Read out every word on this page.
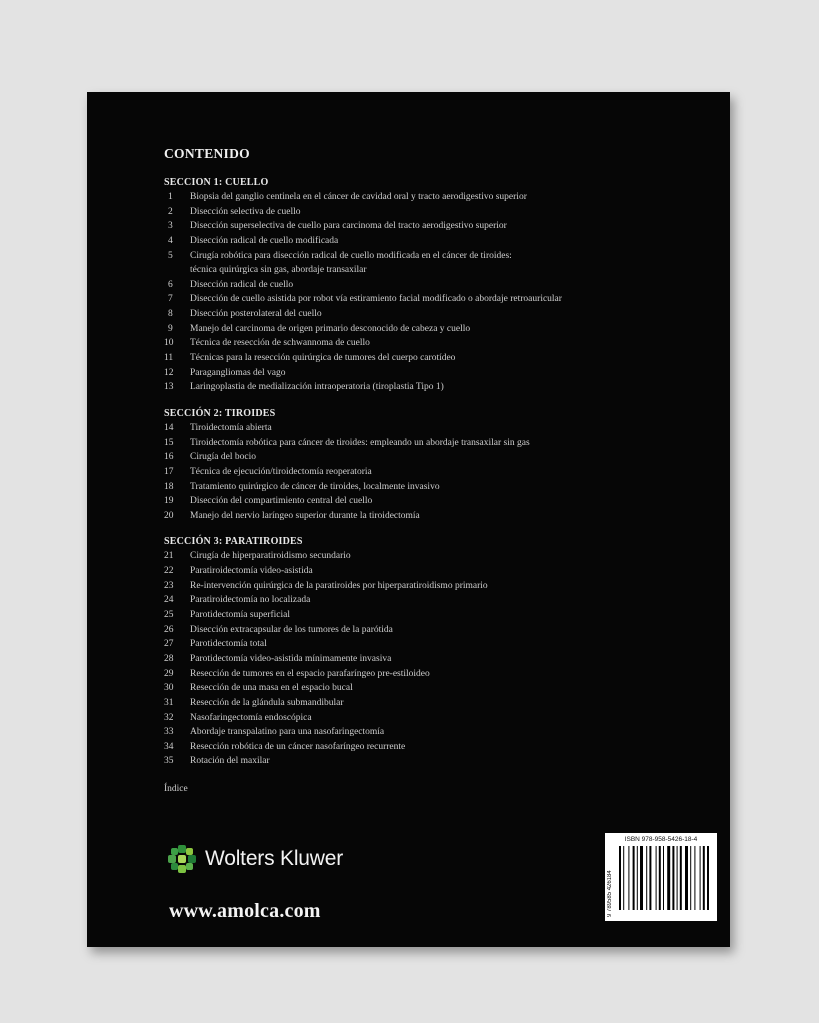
CONTENIDO
SECCION 1: CUELLO
1	Biopsia del ganglio centinela en el cáncer de cavidad oral y tracto aerodigestivo superior
2	Disección selectiva de cuello
3	Disección superselectiva de cuello para carcinoma del tracto aerodigestivo superior
4	Disección radical de cuello modificada
5	Cirugía robótica para disección radical de cuello modificada en el cáncer de tiroides:
técnica quirúrgica sin gas, abordaje transaxilar
6	Disección radical de cuello
7	Disección de cuello asistida por robot vía estiramiento facial modificado o abordaje retroauricular
8	Disección posterolateral del cuello
9	Manejo del carcinoma de origen primario desconocido de cabeza y cuello
10	Técnica de resección de schwannoma de cuello
11	Técnicas para la resección quirúrgica de tumores del cuerpo carotídeo
12	Paragangliomas del vago
13	Laringoplastia de medialización intraoperatoria (tiroplastia Tipo 1)
SECCIÓN 2: TIROIDES
14	Tiroidectomía abierta
15	Tiroidectomía robótica para cáncer de tiroides: empleando un abordaje transaxilar sin gas
16	Cirugía del bocio
17	Técnica de ejecución/tiroidectomía reoperatoria
18	Tratamiento quirúrgico de cáncer de tiroides, localmente invasivo
19	Disección del compartimiento central del cuello
20	Manejo del nervio laríngeo superior durante la tiroidectomía
SECCIÓN 3: PARATIROIDES
21	Cirugía de hiperparatiroidismo secundario
22	Paratiroidectomía video-asistida
23	Re-intervención quirúrgica de la paratiroides por hiperparatiroidismo primario
24	Paratiroidectomía no localizada
25	Parotidectomía superficial
26	Disección extracapsular de los tumores de la parótida
27	Parotidectomía total
28	Parotidectomía video-asistida mínimamente invasiva
29	Resección de tumores en el espacio parafaríngeo pre-estiloideo
30	Resección de una masa en el espacio bucal
31	Resección de la glándula submandibular
32	Nasofaringectomía endoscópica
33	Abordaje transpalatino para una nasofaringectomía
34	Resección robótica de un cáncer nasofaríngeo recurrente
35	Rotación del maxilar
Índice
Wolters Kluwer
www.amolca.com
ISBN 978-958-5426-18-4
9 789585 426184
